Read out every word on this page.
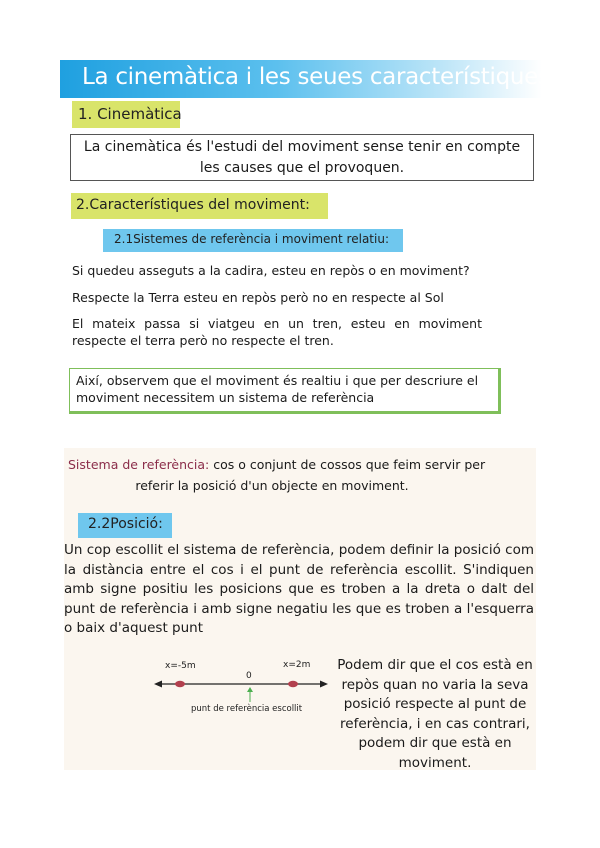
La cinemàtica i les seues característiques
1. Cinemàtica
La cinemàtica és l'estudi del moviment sense tenir en compte les causes que el provoquen.
2.Característiques del moviment:
2.1Sistemes de referència i moviment relatiu:
Si quedeu asseguts a la cadira, esteu en repòs o en moviment?
Respecte la Terra esteu en repòs però no en respecte al Sol
El mateix passa si viatgeu en un tren, esteu en moviment respecte el terra però no respecte el tren.
Així, observem que el moviment és realtiu i que per descriure el moviment necessitem un sistema de referència
Sistema de referència: cos o conjunt de cossos que feim servir per
referir la posició d'un objecte en moviment.
2.2Posició:
Un cop escollit el sistema de referència, podem definir la posició com la distància entre el cos i el punt de referència escollit. S'indiquen amb signe positiu les posicions que es troben a la dreta o dalt del punt de referència i amb signe negatiu les que es troben a l'esquerra o baix d'aquest punt
x=-5m	x=2m
0
punt de referència escollit
Podem dir que el cos està en repòs quan no varia la seva posició respecte al punt de referència, i en cas contrari, podem dir que està en moviment.
